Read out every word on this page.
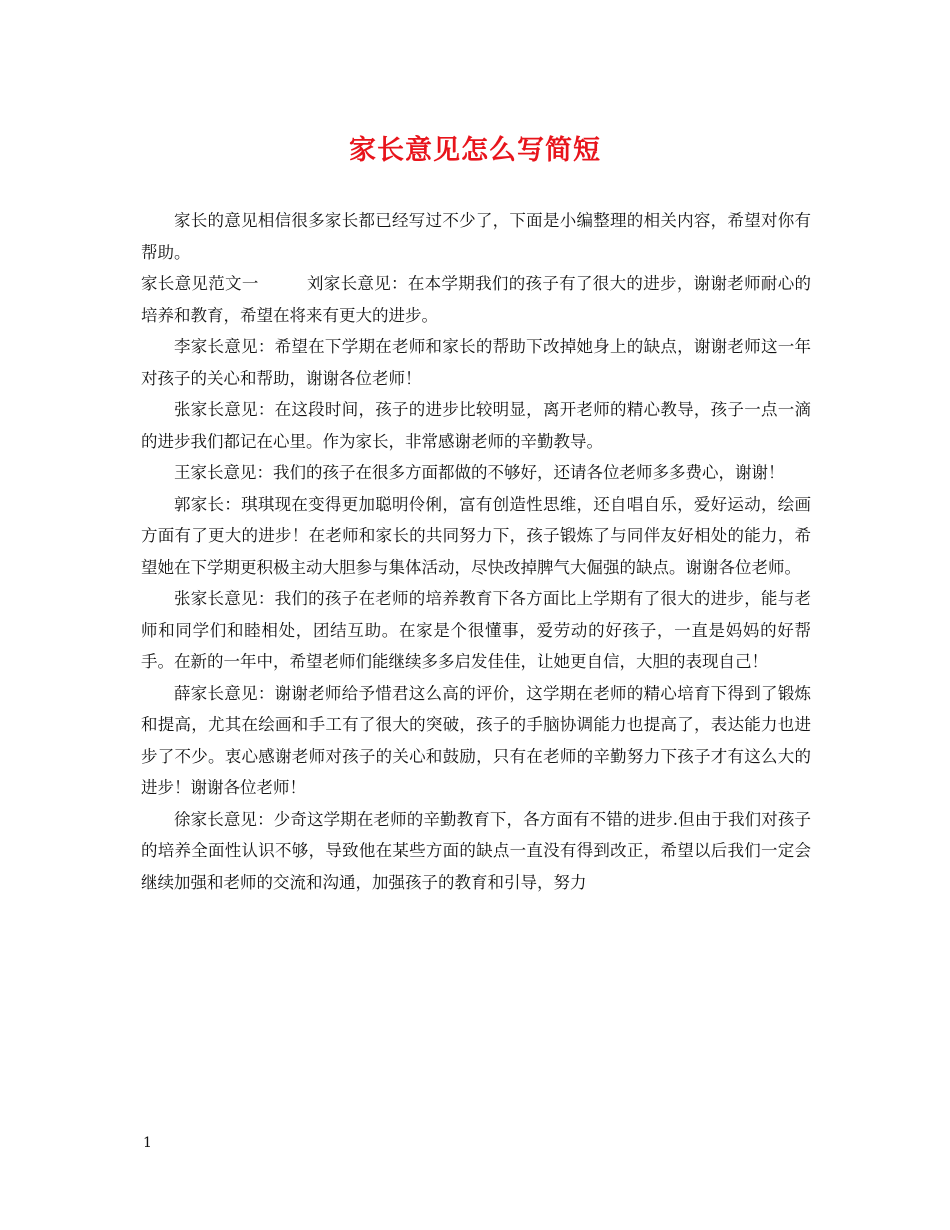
家长意见怎么写简短

家长的意见相信很多家长都已经写过不少了，下面是小编整理的相关内容，希望对你有帮助。

家长意见范文一	刘家长意见：在本学期我们的孩子有了很大的进步，谢谢老师耐心的培养和教育，希望在将来有更大的进步。

李家长意见：希望在下学期在老师和家长的帮助下改掉她身上的缺点，谢谢老师这一年对孩子的关心和帮助，谢谢各位老师！

张家长意见：在这段时间，孩子的进步比较明显，离开老师的精心教导，孩子一点一滴的进步我们都记在心里。作为家长，非常感谢老师的辛勤教导。

王家长意见：我们的孩子在很多方面都做的不够好，还请各位老师多多费心，谢谢！

郭家长：琪琪现在变得更加聪明伶俐，富有创造性思维，还自唱自乐，爱好运动，绘画方面有了更大的进步！在老师和家长的共同努力下，孩子锻炼了与同伴友好相处的能力，希望她在下学期更积极主动大胆参与集体活动，尽快改掉脾气大倔强的缺点。谢谢各位老师。

张家长意见：我们的孩子在老师的培养教育下各方面比上学期有了很大的进步，能与老师和同学们和睦相处，团结互助。在家是个很懂事，爱劳动的好孩子，一直是妈妈的好帮手。在新的一年中，希望老师们能继续多多启发佳佳，让她更自信，大胆的表现自己！

薛家长意见：谢谢老师给予惜君这么高的评价，这学期在老师的精心培育下得到了锻炼和提高，尤其在绘画和手工有了很大的突破，孩子的手脑协调能力也提高了，表达能力也进步了不少。衷心感谢老师对孩子的关心和鼓励，只有在老师的辛勤努力下孩子才有这么大的进步！谢谢各位老师！

徐家长意见：少奇这学期在老师的辛勤教育下，各方面有不错的进步.但由于我们对孩子的培养全面性认识不够，导致他在某些方面的缺点一直没有得到改正，希望以后我们一定会继续加强和老师的交流和沟通，加强孩子的教育和引导，努力

1
